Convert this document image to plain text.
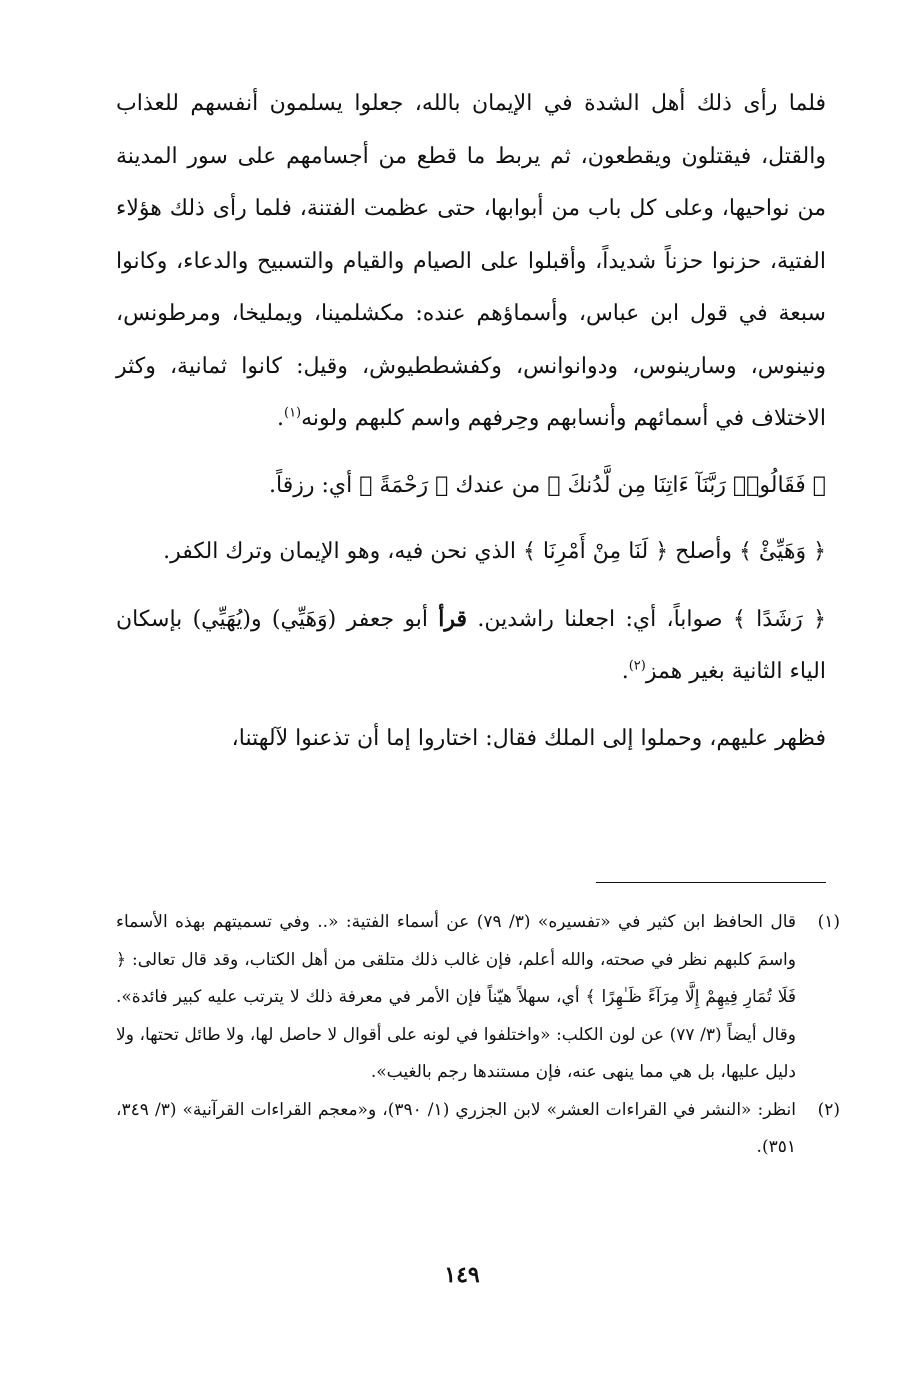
فلما رأى ذلك أهل الشدة في الإيمان بالله، جعلوا يسلمون أنفسهم للعذاب والقتل، فيقتلون ويقطعون، ثم يربط ما قطع من أجسامهم على سور المدينة من نواحيها، وعلى كل باب من أبوابها، حتى عظمت الفتنة، فلما رأى ذلك هؤلاء الفتية، حزنوا حزناً شديداً، وأقبلوا على الصيام والقيام والتسبيح والدعاء، وكانوا سبعة في قول ابن عباس، وأسماؤهم عنده: مكشلمينا، ويمليخا، ومرطونس، ونينوس، وسارينوس، ودوانوانس، وكفشططيوش، وقيل: كانوا ثمانية، وكثر الاختلاف في أسمائهم وأنسابهم وحِرفهم واسم كلبهم ولونه$^{(١)}$.

﴿ فَقَالُوا۟ رَبَّنَآ ءَاتِنَا مِن لَّدُنكَ ﴾ من عندك ﴿ رَحْمَةً ﴾ أي: رزقاً.

﴿ وَهَيِّئْ ﴾ وأصلح ﴿ لَنَا مِنْ أَمْرِنَا ﴾ الذي نحن فيه، وهو الإيمان وترك الكفر.

﴿ رَشَدًا ﴾ صواباً، أي: اجعلنا راشدين. قرأ أبو جعفر (وَهَيِّي) و(يُهَيِّي) بإسكان الياء الثانية بغير همز$^{(٢)}$.

فظهر عليهم، وحملوا إلى الملك فقال: اختاروا إما أن تذعنوا لآلهتنا،

(١)

قال الحافظ ابن كثير في «تفسيره» (٣/ ٧٩) عن أسماء الفتية: «.. وفي تسميتهم بهذه الأسماء واسمَ كلبهم نظر في صحته، والله أعلم، فإن غالب ذلك متلقى من أهل الكتاب، وقد قال تعالى: ﴿ فَلَا تُمَارِ فِيهِمْ إِلَّا مِرَآءً ظَـٰهِرًا ﴾ أي، سهلاً هيّناً فإن الأمر في معرفة ذلك لا يترتب عليه كبير فائدة». وقال أيضاً (٣/ ٧٧) عن لون الكلب: «واختلفوا في لونه على أقوال لا حاصل لها، ولا طائل تحتها، ولا دليل عليها، بل هي مما ينهى عنه، فإن مستندها رجم بالغيب».

(٢)

انظر: «النشر في القراءات العشر» لابن الجزري (١/ ٣٩٠)، و«معجم القراءات القرآنية» (٣/ ٣٤٩، ٣٥١).

١٤٩
